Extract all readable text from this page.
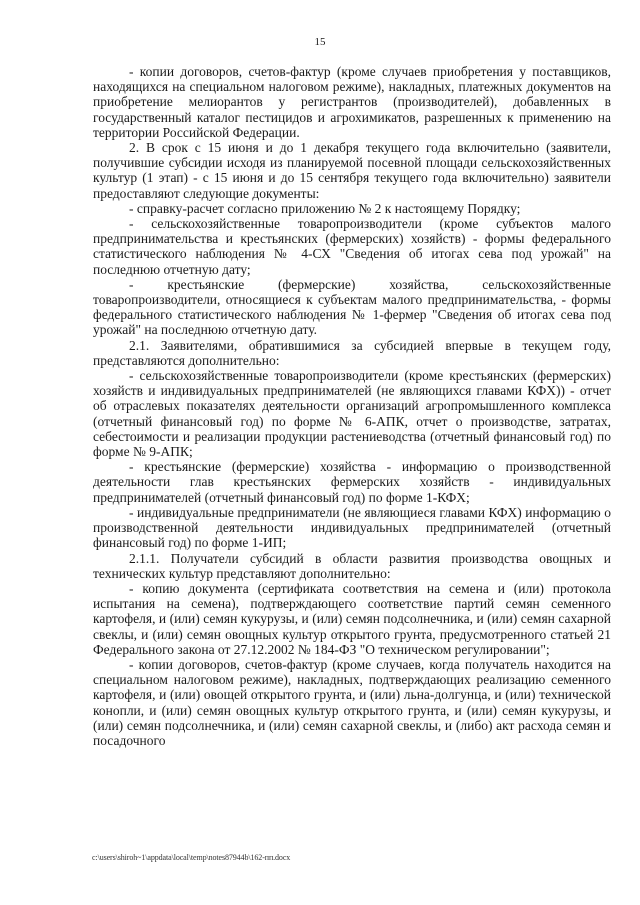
15

- копии договоров, счетов-фактур (кроме случаев приобретения у поставщиков, находящихся на специальном налоговом режиме), накладных, платежных документов на приобретение мелиорантов у регистрантов (производителей), добавленных в государственный каталог пестицидов и агрохимикатов, разрешенных к применению на территории Российской Федерации.

2. В срок с 15 июня и до 1 декабря текущего года включительно (заявители, получившие субсидии исходя из планируемой посевной площади сельскохозяйственных культур (1 этап) - с 15 июня и до 15 сентября текущего года включительно) заявители предоставляют следующие документы:

- справку-расчет согласно приложению № 2 к настоящему Порядку;

- сельскохозяйственные товаропроизводители (кроме субъектов малого предпринимательства и крестьянских (фермерских) хозяйств) - формы федерального статистического наблюдения № 4-СХ "Сведения об итогах сева под урожай" на последнюю отчетную дату;

- крестьянские (фермерские) хозяйства, сельскохозяйственные товаропроизводители, относящиеся к субъектам малого предпринимательства, - формы федерального статистического наблюдения № 1-фермер "Сведения об итогах сева под урожай" на последнюю отчетную дату.

2.1. Заявителями, обратившимися за субсидией впервые в текущем году, представляются дополнительно:

- сельскохозяйственные товаропроизводители (кроме крестьянских (фермерских) хозяйств и индивидуальных предпринимателей (не являющихся главами КФХ)) - отчет об отраслевых показателях деятельности организаций агропромышленного комплекса (отчетный финансовый год) по форме № 6-АПК, отчет о производстве, затратах, себестоимости и реализации продукции растениеводства (отчетный финансовый год) по форме № 9-АПК;

- крестьянские (фермерские) хозяйства - информацию о производственной деятельности глав крестьянских фермерских хозяйств - индивидуальных предпринимателей (отчетный финансовый год) по форме 1-КФХ;

- индивидуальные предприниматели (не являющиеся главами КФХ) информацию о производственной деятельности индивидуальных предпринимателей (отчетный финансовый год) по форме 1-ИП;

2.1.1. Получатели субсидий в области развития производства овощных и технических культур представляют дополнительно:

- копию документа (сертификата соответствия на семена и (или) протокола испытания на семена), подтверждающего соответствие партий семян семенного картофеля, и (или) семян кукурузы, и (или) семян подсолнечника, и (или) семян сахарной свеклы, и (или) семян овощных культур открытого грунта, предусмотренного статьей 21 Федерального закона от 27.12.2002 № 184-ФЗ "О техническом регулировании";

- копии договоров, счетов-фактур (кроме случаев, когда получатель находится на специальном налоговом режиме), накладных, подтверждающих реализацию семенного картофеля, и (или) овощей открытого грунта, и (или) льна-долгунца, и (или) технической конопли, и (или) семян овощных культур открытого грунта, и (или) семян кукурузы, и (или) семян подсолнечника, и (или) семян сахарной свеклы, и (либо) акт расхода семян и посадочного

c:\users\shiroh~1\appdata\local\temp\notes87944b\162-пп.docx
